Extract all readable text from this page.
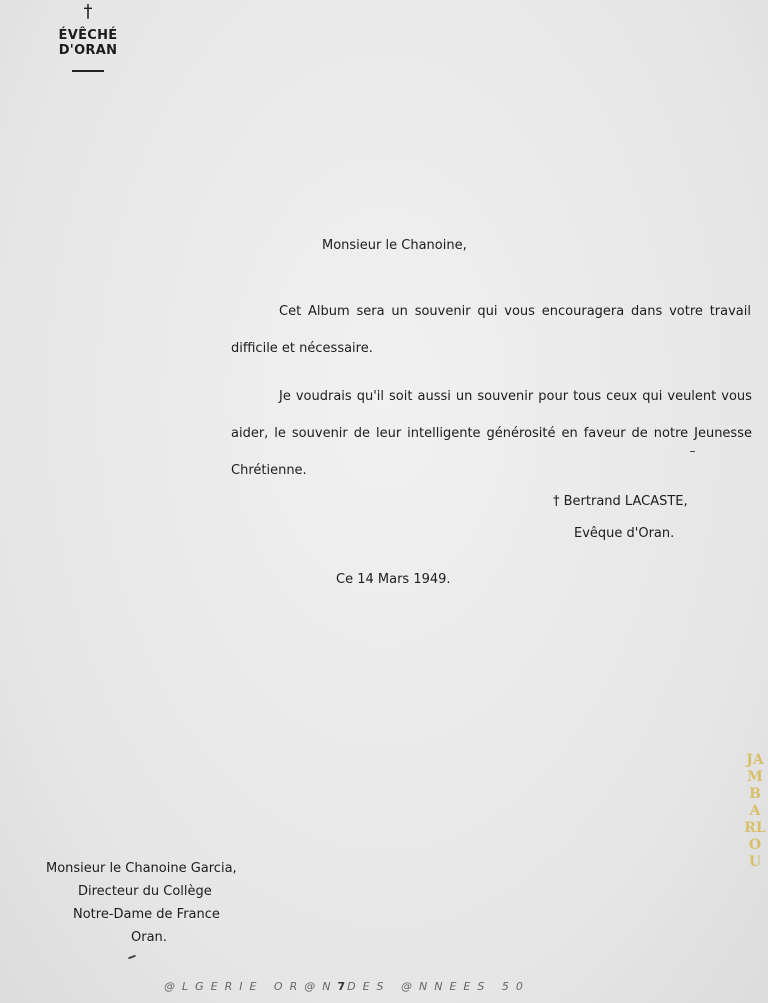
†
ÉVÊCHÉ D'ORAN
Monsieur le Chanoine,
Cet Album sera un souvenir qui vous encouragera dans votre travail
difficile et nécessaire.
Je voudrais qu'il soit aussi un souvenir pour tous ceux qui veulent vous
aider, le souvenir de leur intelligente générosité en faveur de notre Jeunesse
Chrétienne.
† Bertrand LACASTE,
Evêque d'Oran.
Ce 14 Mars 1949.
Monsieur le Chanoine Garcia,
Directeur du Collège
Notre-Dame de France
Oran.
@LGERIE OR@N7DES @NNEES 50
JAMBARLOU
